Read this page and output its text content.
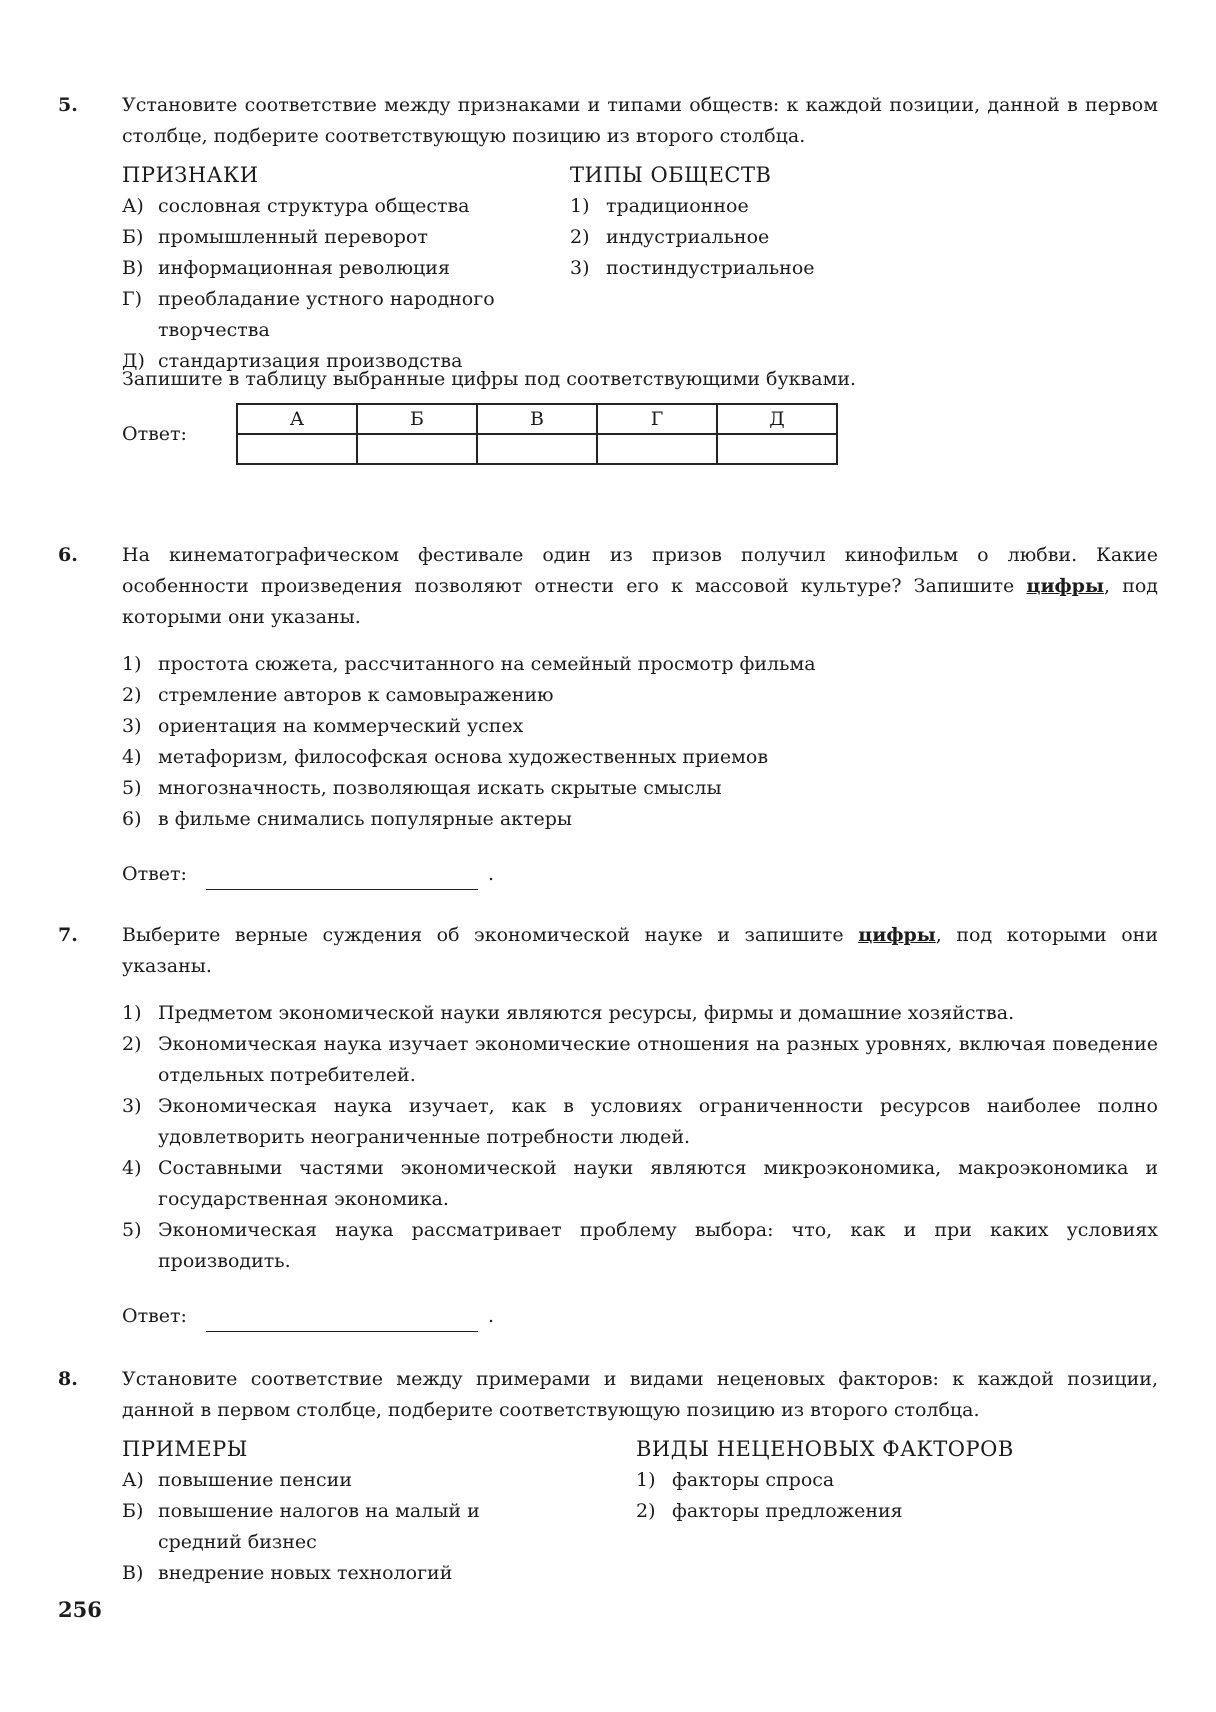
5. Установите соответствие между признаками и типами обществ: к каждой позиции, данной в первом столбце, подберите соответствующую позицию из второго столбца.

ПРИЗНАКИ
А) сословная структура общества
Б) промышленный переворот
В) информационная революция
Г) преобладание устного народного творчества
Д) стандартизация производства
ТИПЫ ОБЩЕСТВ
1) традиционное
2) индустриальное
3) постиндустриальное
Запишите в таблицу выбранные цифры под соответствующими буквами.
Ответ:
А	Б	В	Г	Д

6. На кинематографическом фестивале один из призов получил кинофильм о любви. Какие особенности произведения позволяют отнести его к массовой культуре? Запишите цифры, под которыми они указаны.

1) простота сюжета, рассчитанного на семейный просмотр фильма
2) стремление авторов к самовыражению
3) ориентация на коммерческий успех
4) метафоризм, философская основа художественных приемов
5) многозначность, позволяющая искать скрытые смыслы
6) в фильме снимались популярные актеры
Ответ:	.
7. Выберите верные суждения об экономической науке и запишите цифры, под которыми они указаны.

1) Предметом экономической науки являются ресурсы, фирмы и домашние хозяйства.
2) Экономическая наука изучает экономические отношения на разных уровнях, включая поведение отдельных потребителей.
3) Экономическая наука изучает, как в условиях ограниченности ресурсов наиболее полно удовлетворить неограниченные потребности людей.
4) Составными частями экономической науки являются микроэкономика, макроэкономика и государственная экономика.
5) Экономическая наука рассматривает проблему выбора: что, как и при каких условиях производить.
Ответ:	.
8. Установите соответствие между примерами и видами неценовых факторов: к каждой позиции, данной в первом столбце, подберите соответствующую позицию из второго столбца.

ПРИМЕРЫ
А) повышение пенсии
Б) повышение налогов на малый и средний бизнес
В) внедрение новых технологий
ВИДЫ НЕЦЕНОВЫХ ФАКТОРОВ
1) факторы спроса
2) факторы предложения
256
